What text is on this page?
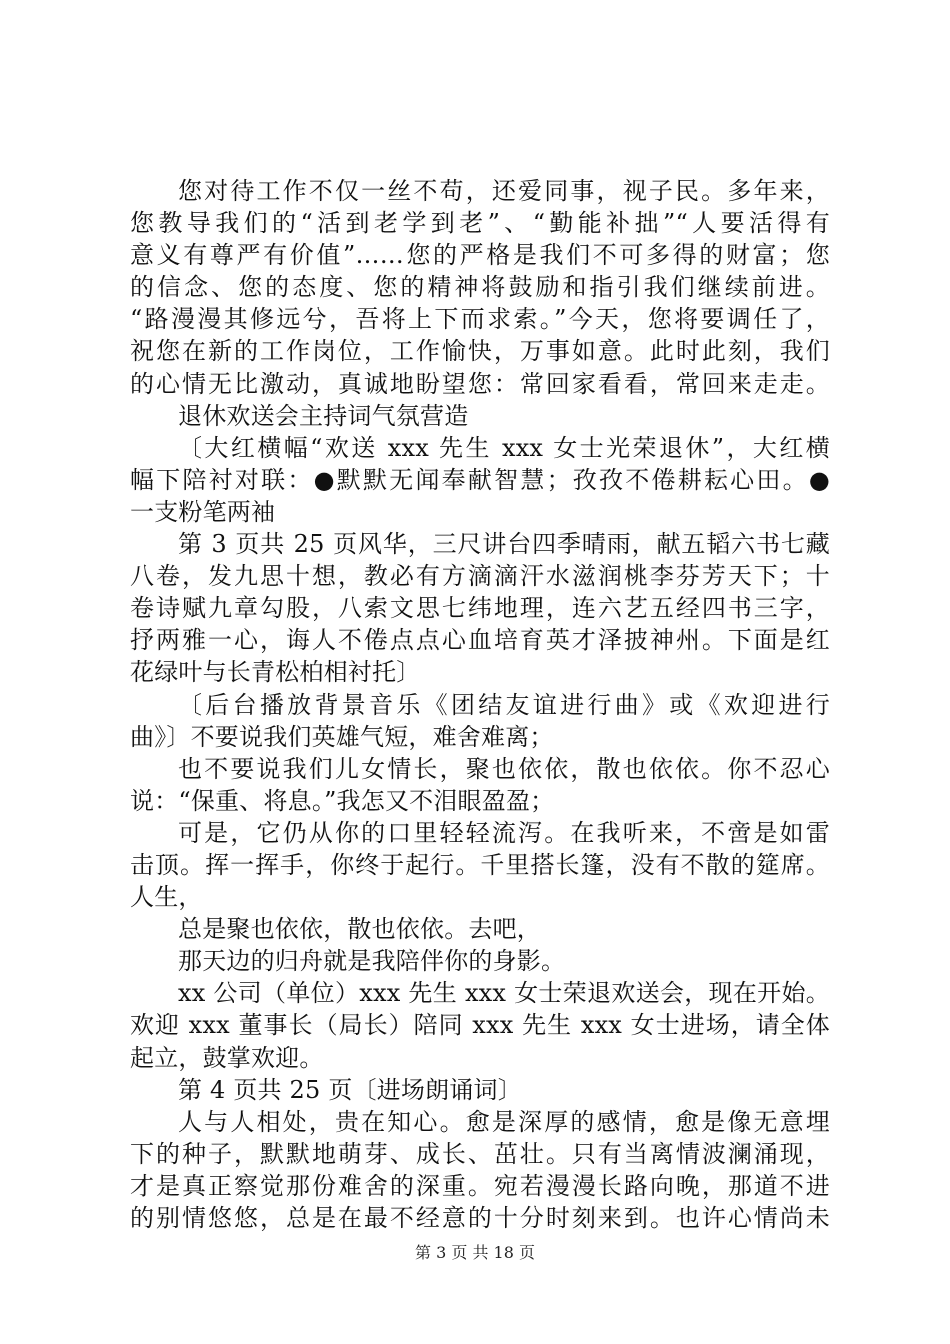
您对待工作不仅一丝不苟，还爱同事，视子民。多年来，
您教导我们的“活到老学到老”、“勤能补拙”“人要活得有
意义有尊严有价值”……您的严格是我们不可多得的财富；您
的信念、您的态度、您的精神将鼓励和指引我们继续前进。
“路漫漫其修远兮，吾将上下而求索。”今天，您将要调任了，
祝您在新的工作岗位，工作愉快，万事如意。此时此刻，我们
的心情无比激动，真诚地盼望您：常回家看看，常回来走走。
退休欢送会主持词气氛营造
〔大红横幅“欢送 xxx 先生 xxx 女士光荣退休”，大红横
幅下陪衬对联：●默默无闻奉献智慧；孜孜不倦耕耘心田。●
一支粉笔两袖
第 3 页共 25 页风华，三尺讲台四季晴雨，献五韬六书七藏
八卷，发九思十想，教必有方滴滴汗水滋润桃李芬芳天下；十
卷诗赋九章勾股，八索文思七纬地理，连六艺五经四书三字，
抒两雅一心，诲人不倦点点心血培育英才泽披神州。下面是红
花绿叶与长青松柏相衬托〕
〔后台播放背景音乐《团结友谊进行曲》或《欢迎进行
曲》〕不要说我们英雄气短，难舍难离；
也不要说我们儿女情长，聚也依依，散也依依。你不忍心
说：“保重、将息。”我怎又不泪眼盈盈；
可是，它仍从你的口里轻轻流泻。在我听来，不啻是如雷
击顶。挥一挥手，你终于起行。千里搭长篷，没有不散的筵席。
人生，
总是聚也依依，散也依依。去吧，
那天边的归舟就是我陪伴你的身影。
xx 公司（单位）xxx 先生 xxx 女士荣退欢送会，现在开始。
欢迎 xxx 董事长（局长）陪同 xxx 先生 xxx 女士进场，请全体
起立，鼓掌欢迎。
第 4 页共 25 页〔进场朗诵词〕
人与人相处，贵在知心。愈是深厚的感情，愈是像无意埋
下的种子，默默地萌芽、成长、茁壮。只有当离情波澜涌现，
才是真正察觉那份难舍的深重。宛若漫漫长路向晚，那道不进
的别情悠悠，总是在最不经意的十分时刻来到。也许心情尚未
第 3 页 共 18 页
